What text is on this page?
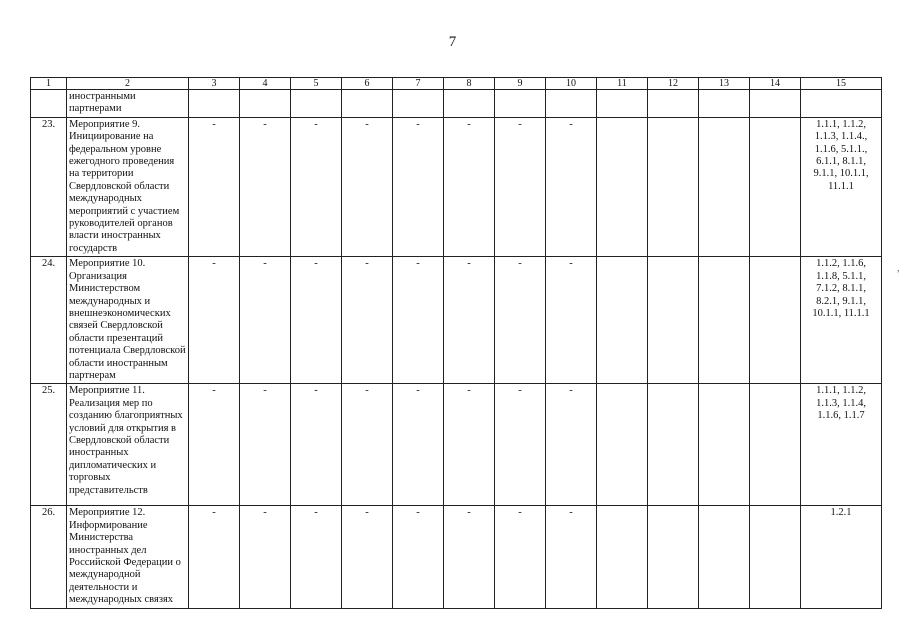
7
1	2	3	4	5	6	7	8	9	10	11	12	13	14	15
	иностранными партнерами													
23.	Мероприятие 9. Инициирование на федеральном уровне ежегодного проведения на территории Свердловской области международных мероприятий с участием руководителей органов власти иностранных государств	-	-	-	-	-	-	-	-					1.1.1, 1.1.2, 1.1.3, 1.1.4., 1.1.6, 5.1.1., 6.1.1, 8.1.1, 9.1.1, 10.1.1, 11.1.1
24.	Мероприятие 10. Организация Министерством международных и внешнеэкономических связей Свердловской области презентаций потенциала Свердловской области иностранным партнерам	-	-	-	-	-	-	-	-					1.1.2, 1.1.6, 1.1.8, 5.1.1, 7.1.2, 8.1.1, 8.2.1, 9.1.1, 10.1.1, 11.1.1
25.	Мероприятие 11. Реализация мер по созданию благоприятных условий для открытия в Свердловской области иностранных дипломатических и торговых представительств	-	-	-	-	-	-	-	-					1.1.1, 1.1.2, 1.1.3, 1.1.4, 1.1.6, 1.1.7
26.	Мероприятие 12. Информирование Министерства иностранных дел Российской Федерации о международной деятельности и международных связях	-	-	-	-	-	-	-	-					1.2.1
,
